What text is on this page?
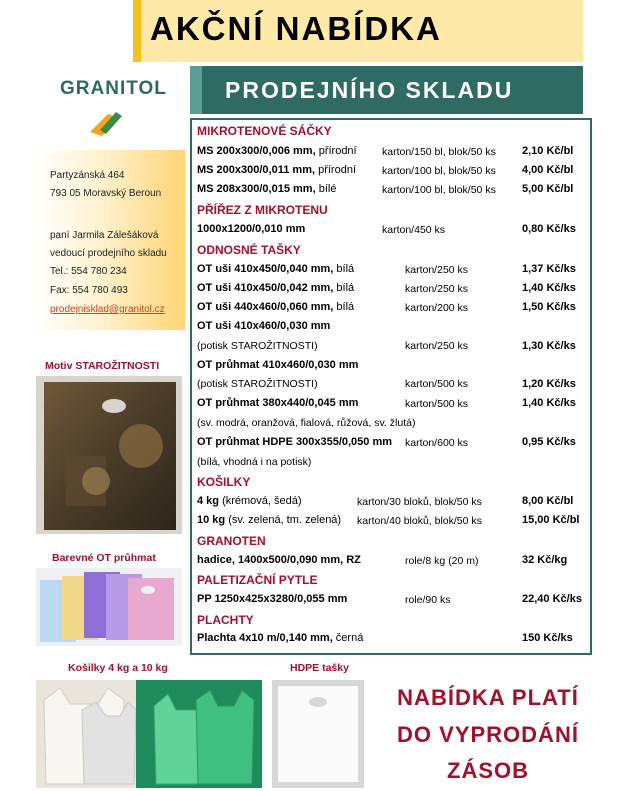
AKČNÍ NABÍDKA
GRANITOL
Partyzánská 464
793 05 Moravský Beroun
paní Jarmila Zálešáková
vedoucí prodejního skladu
Tel.: 554 780 234
Fax: 554 780 493
prodejnisklad@granitol.cz
PRODEJNÍHO SKLADU
MIKROTENOVÉ SÁČKY
MS 200x300/0,006 mm, přírodní karton/150 bl, blok/50 ks 2,10 Kč/bl
MS 200x300/0,011 mm, přírodní karton/100 bl, blok/50 ks 4,00 Kč/bl
MS 208x300/0,015 mm, bílé	karton/100 bl, blok/50 ks 5,00 Kč/bl
PŘÍŘEZ Z MIKROTENU
1000x1200/0,010 mm	karton/450 ks	0,80 Kč/ks
ODNOSNÉ TAŠKY
OT uši 410x450/0,040 mm, bílá	karton/250 ks	1,37 Kč/ks
OT uši 410x450/0,042 mm, bílá	karton/250 ks	1,40 Kč/ks
OT uši 440x460/0,060 mm, bílá	karton/200 ks	1,50 Kč/ks
OT uši 410x460/0,030 mm
(potisk STAROŽITNOSTI)	karton/250 ks	1,30 Kč/ks
OT průhmat 410x460/0,030 mm
(potisk STAROŽITNOSTI)	karton/500 ks	1,20 Kč/ks
OT průhmat 380x440/0,045 mm	karton/500 ks	1,40 Kč/ks
(sv. modrá, oranžová, fialová, růžová, sv. žlutá)
OT průhmat HDPE 300x355/0,050 mm karton/600 ks	0,95 Kč/ks
(bílá, vhodná i na potisk)
KOŠILKY
4 kg (krémová, šedá)	karton/30 bloků, blok/50 ks	8,00 Kč/bl
10 kg (sv. zelená, tm. zelená) karton/40 bloků, blok/50 ks	15,00 Kč/bl
GRANOTEN
hadice, 1400x500/0,090 mm, RZ	role/8 kg (20 m)	32 Kč/kg
PALETIZAČNÍ PYTLE
PP 1250x425x3280/0,055 mm	role/90 ks	22,40 Kč/ks
PLACHTY
Plachta 4x10 m/0,140 mm, černá	150 Kč/ks
Motiv STAROŽITNOSTI
Barevné OT průhmat
Košilky 4 kg a 10 kg	HDPE tašky
NABÍDKA PLATÍ
DO VYPRODÁNÍ
ZÁSOB
